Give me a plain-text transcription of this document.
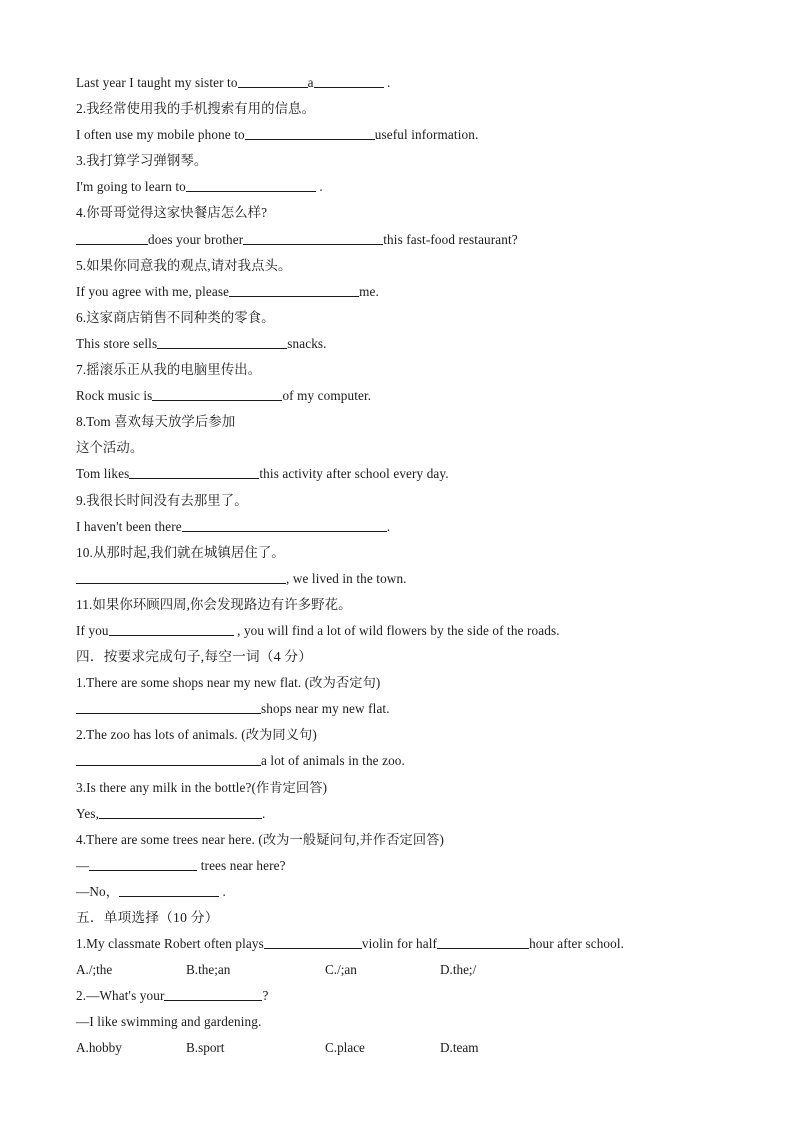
Last year I taught my sister to	a	.
2.我经常使用我的手机搜索有用的信息。
I often use my mobile phone to	useful information.
3.我打算学习弹钢琴。
I'm going to learn to	.
4.你哥哥觉得这家快餐店怎么样?
does your brother	this fast-food restaurant?
5.如果你同意我的观点,请对我点头。
If you agree with me, please	me.
6.这家商店销售不同种类的零食。
This store sells	snacks.
7.摇滚乐正从我的电脑里传出。
Rock music is	of my computer.
8.Tom 喜欢每天放学后参加
这个活动。
Tom likes	this activity after school every day.
9.我很长时间没有去那里了。
I haven't been there	.
10.从那时起,我们就在城镇居住了。
, we lived in the town.
11.如果你环顾四周,你会发现路边有许多野花。
If you	, you will find a lot of wild flowers by the side of the roads.
四．按要求完成句子,每空一词（4 分）
1.There are some shops near my new flat. (改为否定句)
shops near my new flat.
2.The zoo has lots of animals. (改为同义句)
a lot of animals in the zoo.
3.Is there any milk in the bottle?(作肯定回答)
Yes,	.
4.There are some trees near here. (改为一般疑问句,并作否定回答)
—	trees near here?
—No，	.
五．单项选择（10 分）
1.My classmate Robert often plays	violin for half	hour after school.
A./;the	B.the;an	C./;an	D.the;/
2.—What's your	?
—I like swimming and gardening.
A.hobby	B.sport	C.place	D.team
